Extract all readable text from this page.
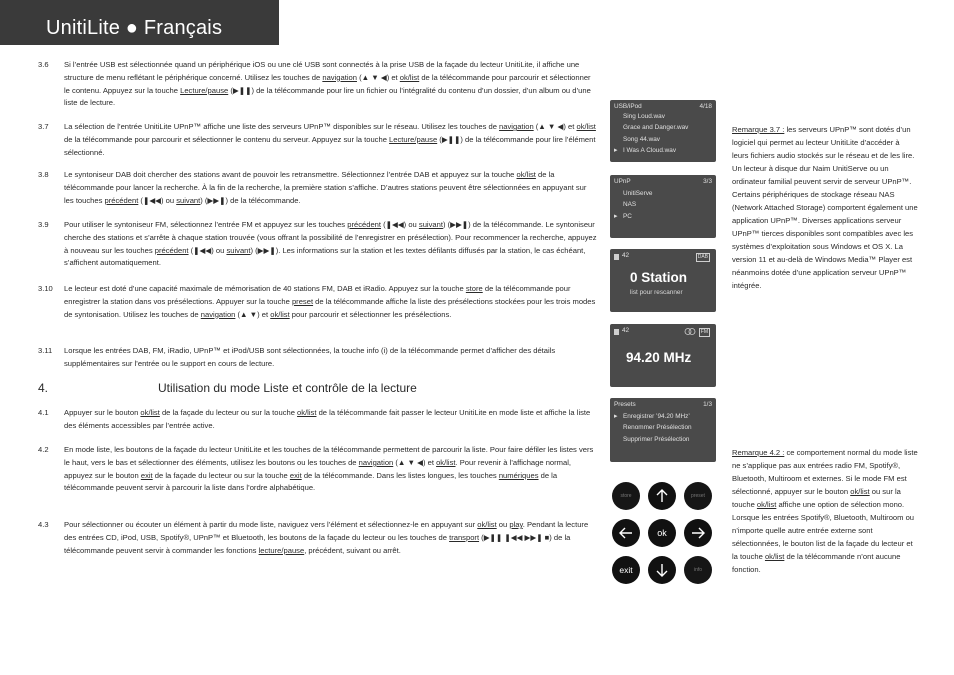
UnitiLite ● Français
3.6 Si l’entrée USB est sélectionnée quand un périphérique iOS ou une clé USB sont connectés à la prise USB de la façade du lecteur UnitiLite, il affiche une structure de menu reflétant le périphérique concerné. Utilisez les touches de navigation (▲ ▼ ◀) et ok/list de la télécommande pour parcourir et sélectionner le contenu. Appuyez sur la touche Lecture/pause (▶❚❚) de la télécommande pour lire un fichier ou l’intégralité du contenu d’un dossier, d’un album ou d’une liste de lecture.
3.7 La sélection de l’entrée UnitiLite UPnP™ affiche une liste des serveurs UPnP™ disponibles sur le réseau. Utilisez les touches de navigation (▲ ▼ ◀) et ok/list de la télécommande pour parcourir et sélectionner le contenu du serveur. Appuyez sur la touche Lecture/pause (▶❚❚) de la télécommande pour lire l’élément sélectionné.
3.8 Le syntoniseur DAB doit chercher des stations avant de pouvoir les retransmettre. Sélectionnez l’entrée DAB et appuyez sur la touche ok/list de la télécommande pour lancer la recherche. À la fin de la recherche, la première station s’affiche. D’autres stations peuvent être sélectionnées en appuyant sur les touches précédent (❚◀◀) ou suivant) (▶▶❚) de la télécommande.
3.9 Pour utiliser le syntoniseur FM, sélectionnez l’entrée FM et appuyez sur les touches précédent (❚◀◀) ou suivant) (▶▶❚) de la télécommande. Le syntoniseur cherche des stations et s’arrête à chaque station trouvée (vous offrant la possibilité de l’enregistrer en présélection). Pour recommencer la recherche, appuyez à nouveau sur les touches précédent (❚◀◀) ou suivant) (▶▶❚). Les informations sur la station et les textes défilants diffusés par la station, le cas échéant, s’affichent automatiquement.
3.10 Le lecteur est doté d’une capacité maximale de mémorisation de 40 stations FM, DAB et iRadio. Appuyez sur la touche store de la télécommande pour enregistrer la station dans vos présélections. Appuyer sur la touche preset de la télécommande affiche la liste des présélections stockées pour les trois modes de syntonisation. Utilisez les touches de navigation (▲ ▼) et ok/list pour parcourir et sélectionner les présélections.
3.11 Lorsque les entrées DAB, FM, iRadio, UPnP™ et iPod/USB sont sélectionnées, la touche info (i) de la télécommande permet d’afficher des détails supplémentaires sur l’entrée ou le support en cours de lecture.
4.	Utilisation du mode Liste et contrôle de la lecture
4.1 Appuyer sur le bouton ok/list de la façade du lecteur ou sur la touche ok/list de la télécommande fait passer le lecteur UnitiLite en mode liste et affiche la liste des éléments accessibles par l’entrée active.
4.2 En mode liste, les boutons de la façade du lecteur UnitiLite et les touches de la télécommande permettent de parcourir la liste. Pour faire défiler les listes vers le haut, vers le bas et sélectionner des éléments, utilisez les boutons ou les touches de navigation (▲ ▼ ◀) et ok/list. Pour revenir à l’affichage normal, appuyez sur le bouton exit de la façade du lecteur ou sur la touche exit de la télécommande. Dans les listes longues, les touches numériques de la télécommande peuvent servir à parcourir la liste dans l’ordre alphabétique.
4.3 Pour sélectionner ou écouter un élément à partir du mode liste, naviguez vers l’élément et sélectionnez-le en appuyant sur ok/list ou play. Pendant la lecture des entrées CD, iPod, USB, Spotify®, UPnP™ et Bluetooth, les boutons de la façade du lecteur ou les touches de transport (▶❚❚ ❚◀◀ ▶▶❚ ■) de la télécommande peuvent servir à commander les fonctions lecture/pause, précédent, suivant ou arrêt.
USB/iPod	4/18
Sing Loud.wav
Grace and Danger.wav
Song 44.wav
▸ I Was A Cloud.wav
UPnP	3/3
UnitiServe
NAS
▸ PC
42	DAB
0 Station
list pour rescanner
42	FM
94.20 MHz
Presets	1/3
▸ Enregistrer ’94.20 MHz’
Renommer Présélection
Supprimer Présélection
store	preset
ok
exit	info
Remarque 3.7 : les serveurs UPnP™ sont dotés d’un logiciel qui permet au lecteur UnitiLite d’accéder à leurs fichiers audio stockés sur le réseau et de les lire. Un lecteur à disque dur Naim UnitiServe ou un ordinateur familial peuvent servir de serveur UPnP™. Certains périphériques de stockage réseau NAS (Network Attached Storage) comportent également une application UPnP™. Diverses applications serveur UPnP™ tierces disponibles sont compatibles avec les systèmes d’exploitation sous Windows et OS X. La version 11 et au-delà de Windows Media™ Player est néanmoins dotée d’une application serveur UPnP™ intégrée.
Remarque 4.2 : ce comportement normal du mode liste ne s’applique pas aux entrées radio FM, Spotify®, Bluetooth, Multiroom et externes. Si le mode FM est sélectionné, appuyer sur le bouton ok/list ou sur la touche ok/list affiche une option de sélection mono. Lorsque les entrées Spotify®, Bluetooth, Multiroom ou n’importe quelle autre entrée externe sont sélectionnées, le bouton list de la façade du lecteur et la touche ok/list de la télécommande n’ont aucune fonction.
